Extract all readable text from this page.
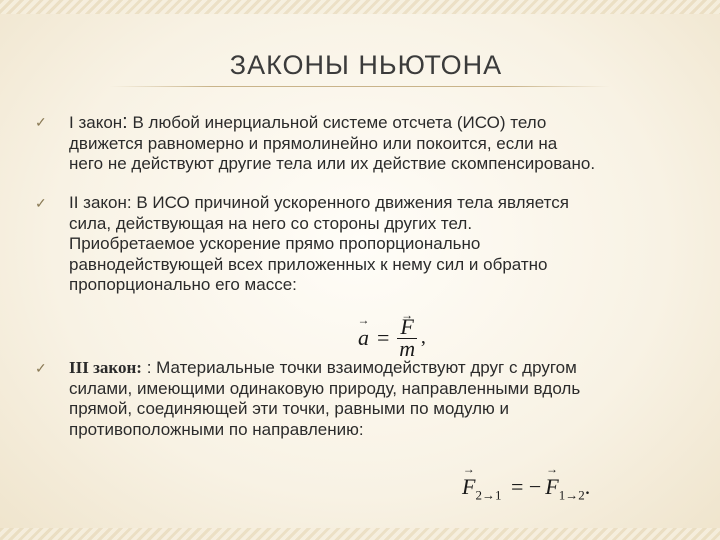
ЗАКОНЫ НЬЮТОНА
✓ I закон: В любой инерциальной системе отсчета (ИСО) тело
движется равномерно и прямолинейно или покоится, если на
него не действуют другие тела или их действие скомпенсировано.
✓ II закон: В ИСО причиной ускоренного движения тела является
сила, действующая на него со стороны других тел.
Приобретаемое ускорение прямо пропорционально
равнодействующей всех приложенных к нему сил и обратно
пропорционально его массе:
→ a = → $\frac{F}{m}$ ,
✓ III закон: : Материальные точки взаимодействуют друг с другом
силами, имеющими одинаковую природу, направленными вдоль
прямой, соединяющей эти точки, равными по модулю и
противоположными по направлению:
→ $F_{2\to 1}$ = − → $F_{1\to 2}$.
